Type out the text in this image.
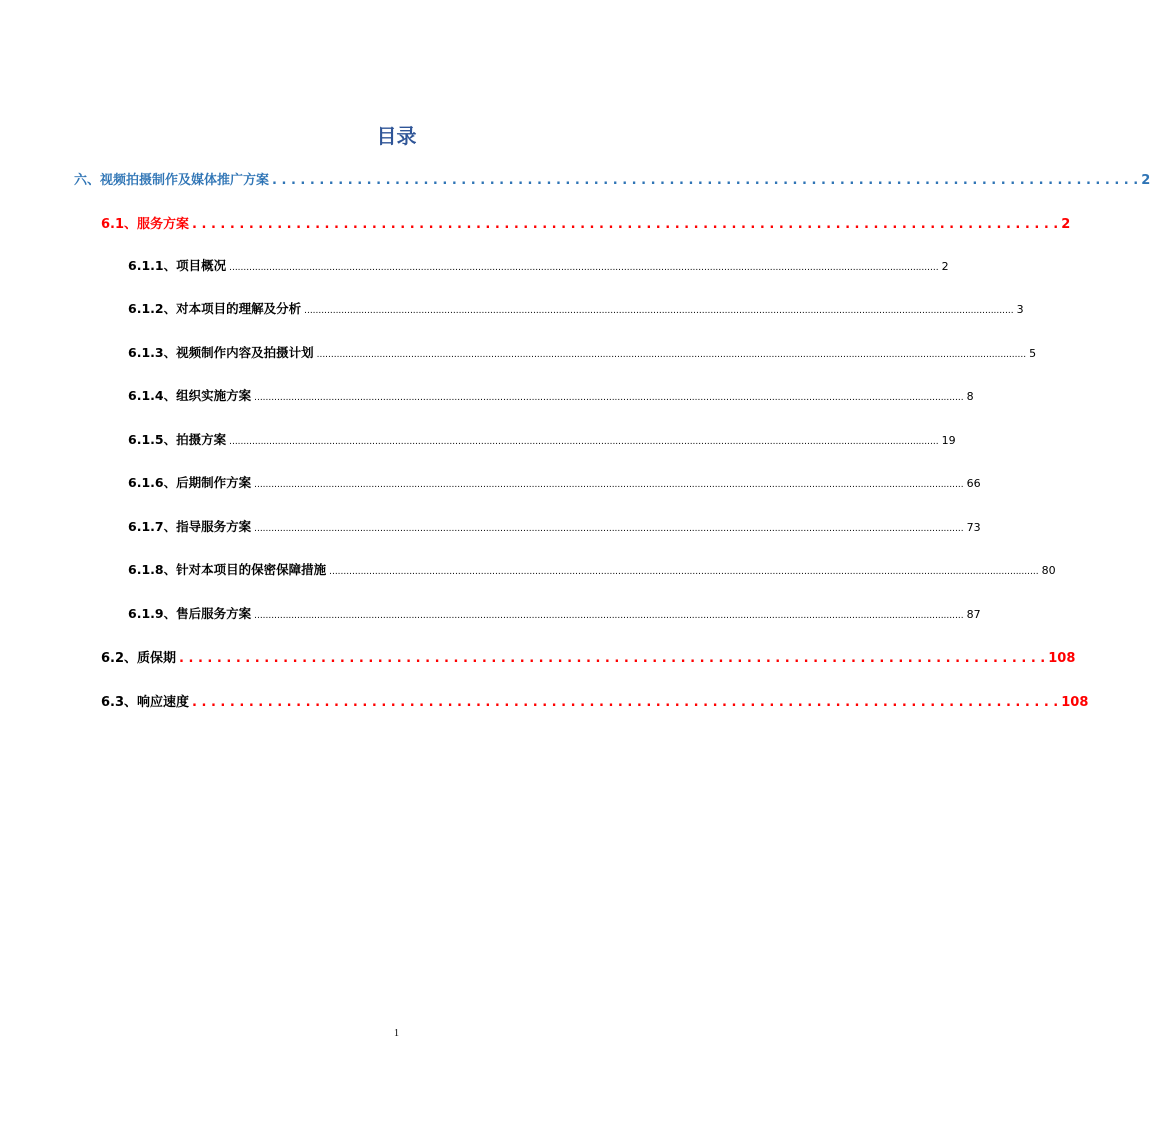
目录
六、视频拍摄制作及媒体推广方案 . . . . . . . . . . . . . . . . . . . . . . . . . . . . . . . . . . . . . . . . . . . . . . . . . . . . . . . . . . . . . . . . . . . . . . . . . . . . . . . . . . . . . . . . . . . . 2
6.1、服务方案 . . . . . . . . . . . . . . . . . . . . . . . . . . . . . . . . . . . . . . . . . . . . . . . . . . . . . . . . . . . . . . . . . . . . . . . . . . . . . . . . . . . . . . . . . . . . 2
6.1.1、项目概况 ........................................................................................................................................................................................................................................................ 2
6.1.2、对本项目的理解及分析 ........................................................................................................................................................................................................................................................ 3
6.1.3、视频制作内容及拍摄计划 ........................................................................................................................................................................................................................................................ 5
6.1.4、组织实施方案 ........................................................................................................................................................................................................................................................ 8
6.1.5、拍摄方案 ........................................................................................................................................................................................................................................................ 19
6.1.6、后期制作方案 ........................................................................................................................................................................................................................................................ 66
6.1.7、指导服务方案 ........................................................................................................................................................................................................................................................ 73
6.1.8、针对本项目的保密保障措施 ........................................................................................................................................................................................................................................................ 80
6.1.9、售后服务方案 ........................................................................................................................................................................................................................................................ 87
6.2、质保期 . . . . . . . . . . . . . . . . . . . . . . . . . . . . . . . . . . . . . . . . . . . . . . . . . . . . . . . . . . . . . . . . . . . . . . . . . . . . . . . . . . . . . . . . . . . . 108
6.3、响应速度 . . . . . . . . . . . . . . . . . . . . . . . . . . . . . . . . . . . . . . . . . . . . . . . . . . . . . . . . . . . . . . . . . . . . . . . . . . . . . . . . . . . . . . . . . . . . 108
1
